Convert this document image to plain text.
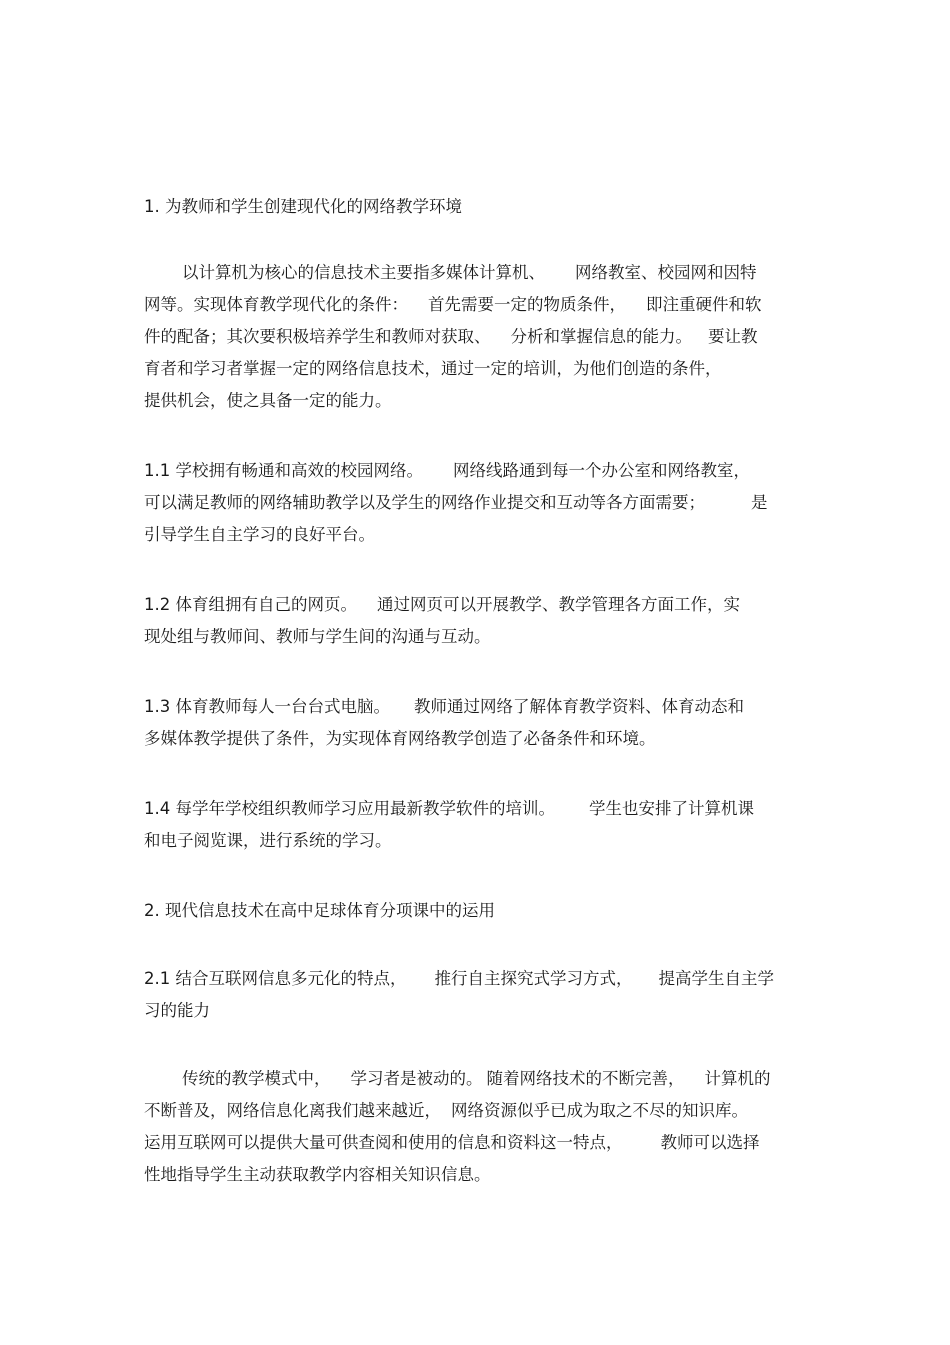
1. 为教师和学生创建现代化的网络教学环境
以计算机为核心的信息技术主要指多媒体计算机、 网络教室、校园网和因特
网等。实现体育教学现代化的条件： 首先需要一定的物质条件， 即注重硬件和软
件的配备；其次要积极培养学生和教师对获取、 分析和掌握信息的能力。 要让教
育者和学习者掌握一定的网络信息技术，通过一定的培训，为他们创造的条件，
提供机会，使之具备一定的能力。
1.1 学校拥有畅通和高效的校园网络。 网络线路通到每一个办公室和网络教室，
可以满足教师的网络辅助教学以及学生的网络作业提交和互动等各方面需要；	是
引导学生自主学习的良好平台。
1.2 体育组拥有自己的网页。 通过网页可以开展教学、教学管理各方面工作，实
现处组与教师间、教师与学生间的沟通与互动。
1.3 体育教师每人一台台式电脑。 教师通过网络了解体育教学资料、体育动态和
多媒体教学提供了条件，为实现体育网络教学创造了必备条件和环境。
1.4 每学年学校组织教师学习应用最新教学软件的培训。 学生也安排了计算机课
和电子阅览课，进行系统的学习。
2. 现代信息技术在高中足球体育分项课中的运用
2.1 结合互联网信息多元化的特点， 推行自主探究式学习方式， 提高学生自主学
习的能力
传统的教学模式中， 学习者是被动的。 随着网络技术的不断完善， 计算机的
不断普及，网络信息化离我们越来越近， 网络资源似乎已成为取之不尽的知识库。
运用互联网可以提供大量可供查阅和使用的信息和资料这一特点， 教师可以选择
性地指导学生主动获取教学内容相关知识信息。
